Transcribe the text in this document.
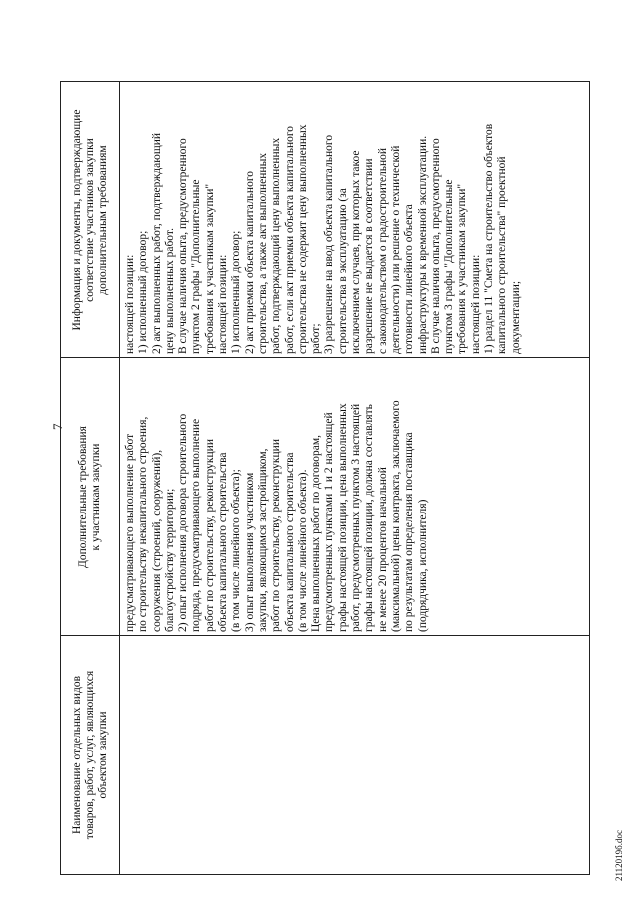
7
Наименование отдельных видов товаров, работ, услуг, являющихся объектом закупки
Дополнительные требования к участникам закупки
Информация и документы, подтверждающие соответствие участников закупки дополнительным требованиям
предусматривающего выполнение работ по строительству некапитального строения, сооружения (строений, сооружений), благоустройству территории; 2) опыт исполнения договора строительного подряда, предусматривающего выполнение работ по строительству, реконструкции объекта капитального строительства (в том числе линейного объекта); 3) опыт выполнения участником закупки, являющимся застройщиком, работ по строительству, реконструкции объекта капитального строительства (в том числе линейного объекта). Цена выполненных работ по договорам, предусмотренных пунктами 1 и 2 настоящей графы настоящей позиции, цена выполненных работ, предусмотренных пунктом 3 настоящей графы настоящей позиции, должна составлять не менее 20 процентов начальной (максимальной) цены контракта, заключаемого по результатам определения поставщика (подрядчика, исполнителя)
настоящей позиции: 1) исполненный договор; 2) акт выполненных работ, подтверждающий цену выполненных работ. В случае наличия опыта, предусмотренного пунктом 2 графы "Дополнительные требования к участникам закупки" настоящей позиции: 1) исполненный договор; 2) акт приемки объекта капитального строительства, а также акт выполненных работ, подтверждающий цену выполненных работ, если акт приемки объекта капитального строительства не содержит цену выполненных работ; 3) разрешение на ввод объекта капитального строительства в эксплуатацию (за исключением случаев, при которых такое разрешение не выдается в соответствии с законодательством о градостроительной деятельности) или решение о технической готовности линейного объекта инфраструктуры к временной эксплуатации. В случае наличия опыта, предусмотренного пунктом 3 графы "Дополнительные требования к участникам закупки" настоящей позиции: 1) раздел 11 "Смета на строительство объектов капитального строительства" проектной документации;
2112019б.doc
